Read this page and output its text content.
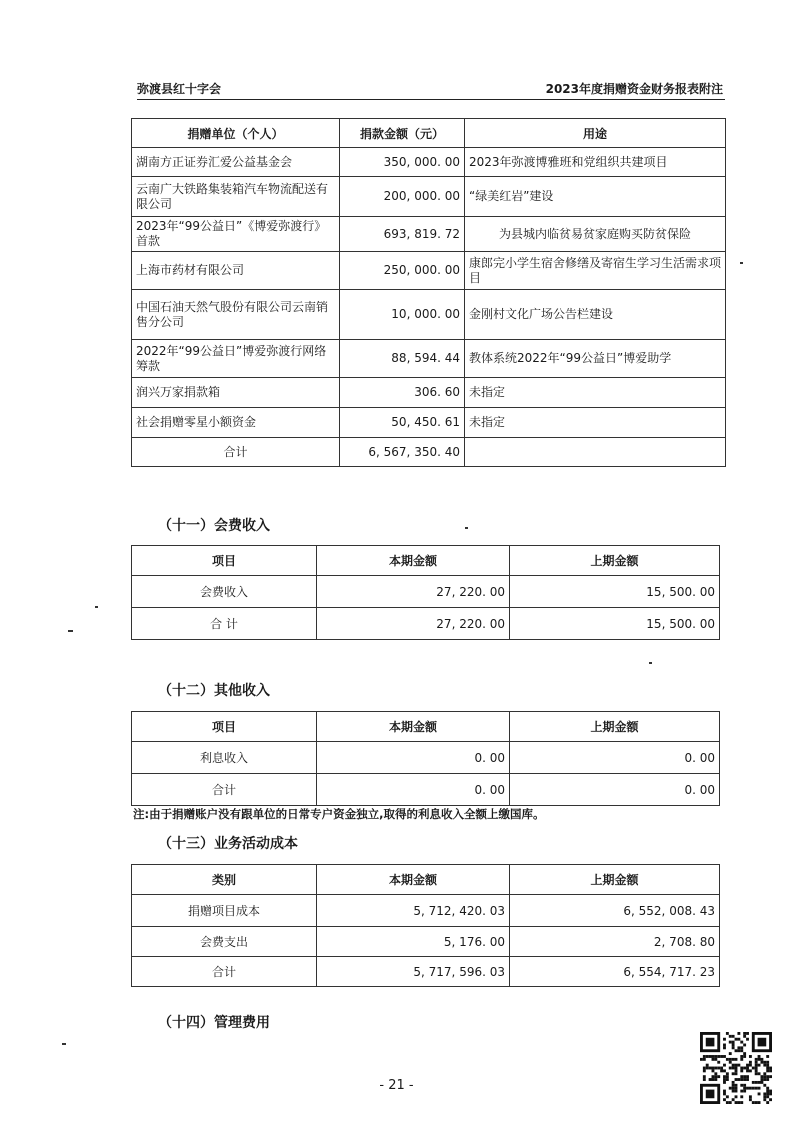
弥渡县红十字会	2023年度捐赠资金财务报表附注
捐赠单位（个人）	捐款金额（元）	用途
湖南方正证券汇爱公益基金会	350, 000. 00	2023年弥渡博雅班和党组织共建项目
云南广大铁路集装箱汽车物流配送有限公司	200, 000. 00	“绿美红岩”建设
2023年“99公益日”《博爱弥渡行》首款	693, 819. 72	为县城内临贫易贫家庭购买防贫保险
上海市药材有限公司	250, 000. 00	康郎完小学生宿舍修缮及寄宿生学习生活需求项目
中国石油天然气股份有限公司云南销售分公司	10, 000. 00	金刚村文化广场公告栏建设
2022年“99公益日”博爱弥渡行网络筹款	88, 594. 44	教体系统2022年“99公益日”博爱助学
润兴万家捐款箱	306. 60	未指定
社会捐赠零星小额资金	50, 450. 61	未指定
合计	6, 567, 350. 40	
（十一）会费收入
项目	本期金额	上期金额
会费收入	27, 220. 00	15, 500. 00
合 计	27, 220. 00	15, 500. 00
（十二）其他收入
项目	本期金额	上期金额
利息收入	0. 00	0. 00
合计	0. 00	0. 00
注:由于捐赠账户没有跟单位的日常专户资金独立,取得的利息收入全额上缴国库。
（十三）业务活动成本
类别	本期金额	上期金额
捐赠项目成本	5, 712, 420. 03	6, 552, 008. 43
会费支出	5, 176. 00	2, 708. 80
合计	5, 717, 596. 03	6, 554, 717. 23
（十四）管理费用
- 21 -
